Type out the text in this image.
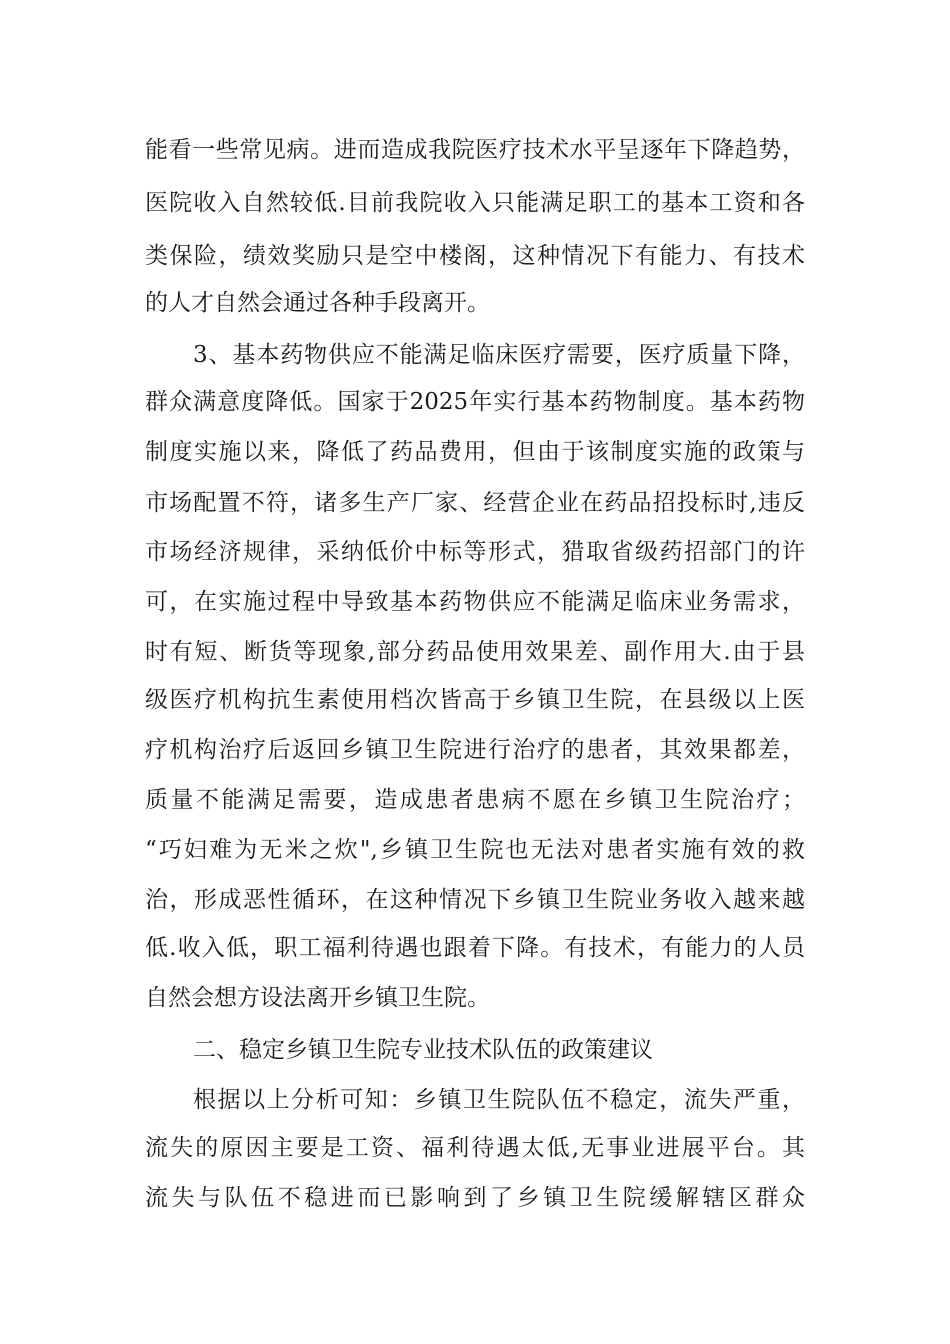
能看一些常见病。进而造成我院医疗技术水平呈逐年下降趋势，
医院收入自然较低.目前我院收入只能满足职工的基本工资和各
类保险，绩效奖励只是空中楼阁，这种情况下有能力、有技术
的人才自然会通过各种手段离开。
3、基本药物供应不能满足临床医疗需要，医疗质量下降，
群众满意度降低。国家于2025年实行基本药物制度。基本药物
制度实施以来，降低了药品费用，但由于该制度实施的政策与
市场配置不符，诸多生产厂家、经营企业在药品招投标时,违反
市场经济规律，采纳低价中标等形式，猎取省级药招部门的许
可，在实施过程中导致基本药物供应不能满足临床业务需求，
时有短、断货等现象,部分药品使用效果差、副作用大.由于县
级医疗机构抗生素使用档次皆高于乡镇卫生院，在县级以上医
疗机构治疗后返回乡镇卫生院进行治疗的患者，其效果都差，
质量不能满足需要，造成患者患病不愿在乡镇卫生院治疗；
“巧妇难为无米之炊",乡镇卫生院也无法对患者实施有效的救
治，形成恶性循环，在这种情况下乡镇卫生院业务收入越来越
低.收入低，职工福利待遇也跟着下降。有技术，有能力的人员
自然会想方设法离开乡镇卫生院。
二、稳定乡镇卫生院专业技术队伍的政策建议
根据以上分析可知：乡镇卫生院队伍不稳定，流失严重，
流失的原因主要是工资、福利待遇太低,无事业进展平台。其
流失与队伍不稳进而已影响到了乡镇卫生院缓解辖区群众
